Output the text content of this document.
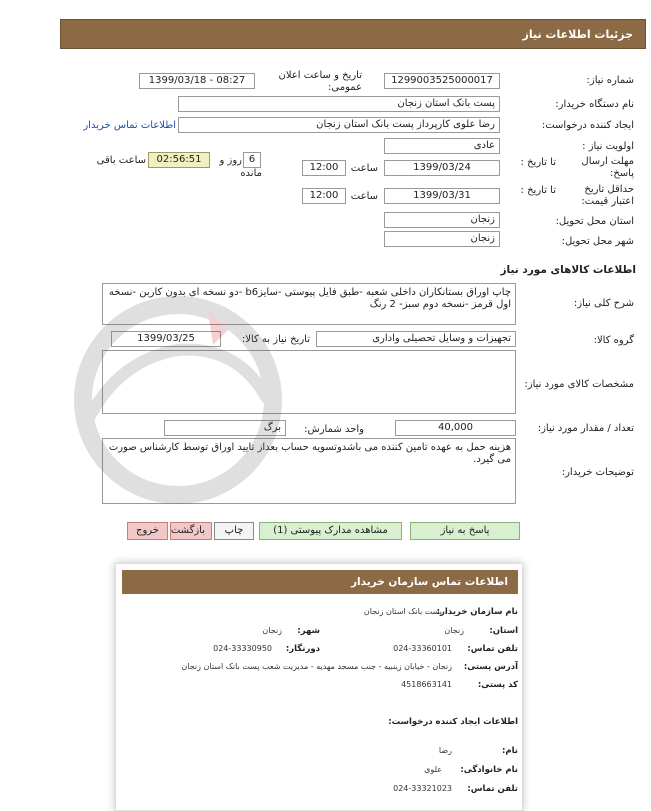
جزئیات اطلاعات نیاز
شماره نیاز:
1299003525000017
تاریخ و ساعت اعلان عمومی:
1399/03/18 - 08:27
نام دستگاه خریدار:
پست بانک استان زنجان
ایجاد کننده درخواست:
رضا علوی کارپرداز پست بانک استان زنجان
اطلاعات تماس خریدار
اولویت نیاز :
عادی
مهلت ارسال پاسخ:
تا تاریخ :
1399/03/24
ساعت
12:00
6
روز و
مانده
02:56:51
ساعت باقی
حداقل تاریخ اعتبار قیمت:
تا تاریخ :
1399/03/31
ساعت
12:00
استان محل تحویل:
زنجان
شهر محل تحویل:
زنجان
اطلاعات کالاهای مورد نیاز
شرح کلی نیاز:
چاپ اوراق بستانکاران داخلی شعبه -طبق فایل پیوستی -سایزb6 -دو نسخه ای بدون کاربن -نسخه اول قرمز -نسخه دوم سبز- 2 رنگ
گروه کالا:
تجهیزات و وسایل تحصیلی واداری
تاریخ نیاز به کالا:
1399/03/25
مشخصات کالای مورد نیاز:
تعداد / مقدار مورد نیاز:
40,000
واحد شمارش:
برگ
توضیحات خریدار:
هزینه حمل به عهده تامین کننده می باشدوتسویه حساب بعداز تایید اوراق توسط کارشناس صورت می گیرد.
پاسخ به نیاز
مشاهده مدارک پیوستی (1)
چاپ
بازگشت
خروج
اطلاعات تماس سازمان خریدار
نام سازمان خریدار:
پست بانک استان زنجان
استان:
زنجان
شهر:
زنجان
تلفن تماس:
024-33360101
دورنگار:
024-33330950
آدرس پستی:
زنجان - خیابان زینبیه - جنب مسجد مهدیه - مدیریت شعب پست بانک استان زنجان
کد پستی:
4518663141
اطلاعات ایجاد کننده درخواست:
نام:
رضا
نام خانوادگی:
علوی
تلفن تماس:
024-33321023
